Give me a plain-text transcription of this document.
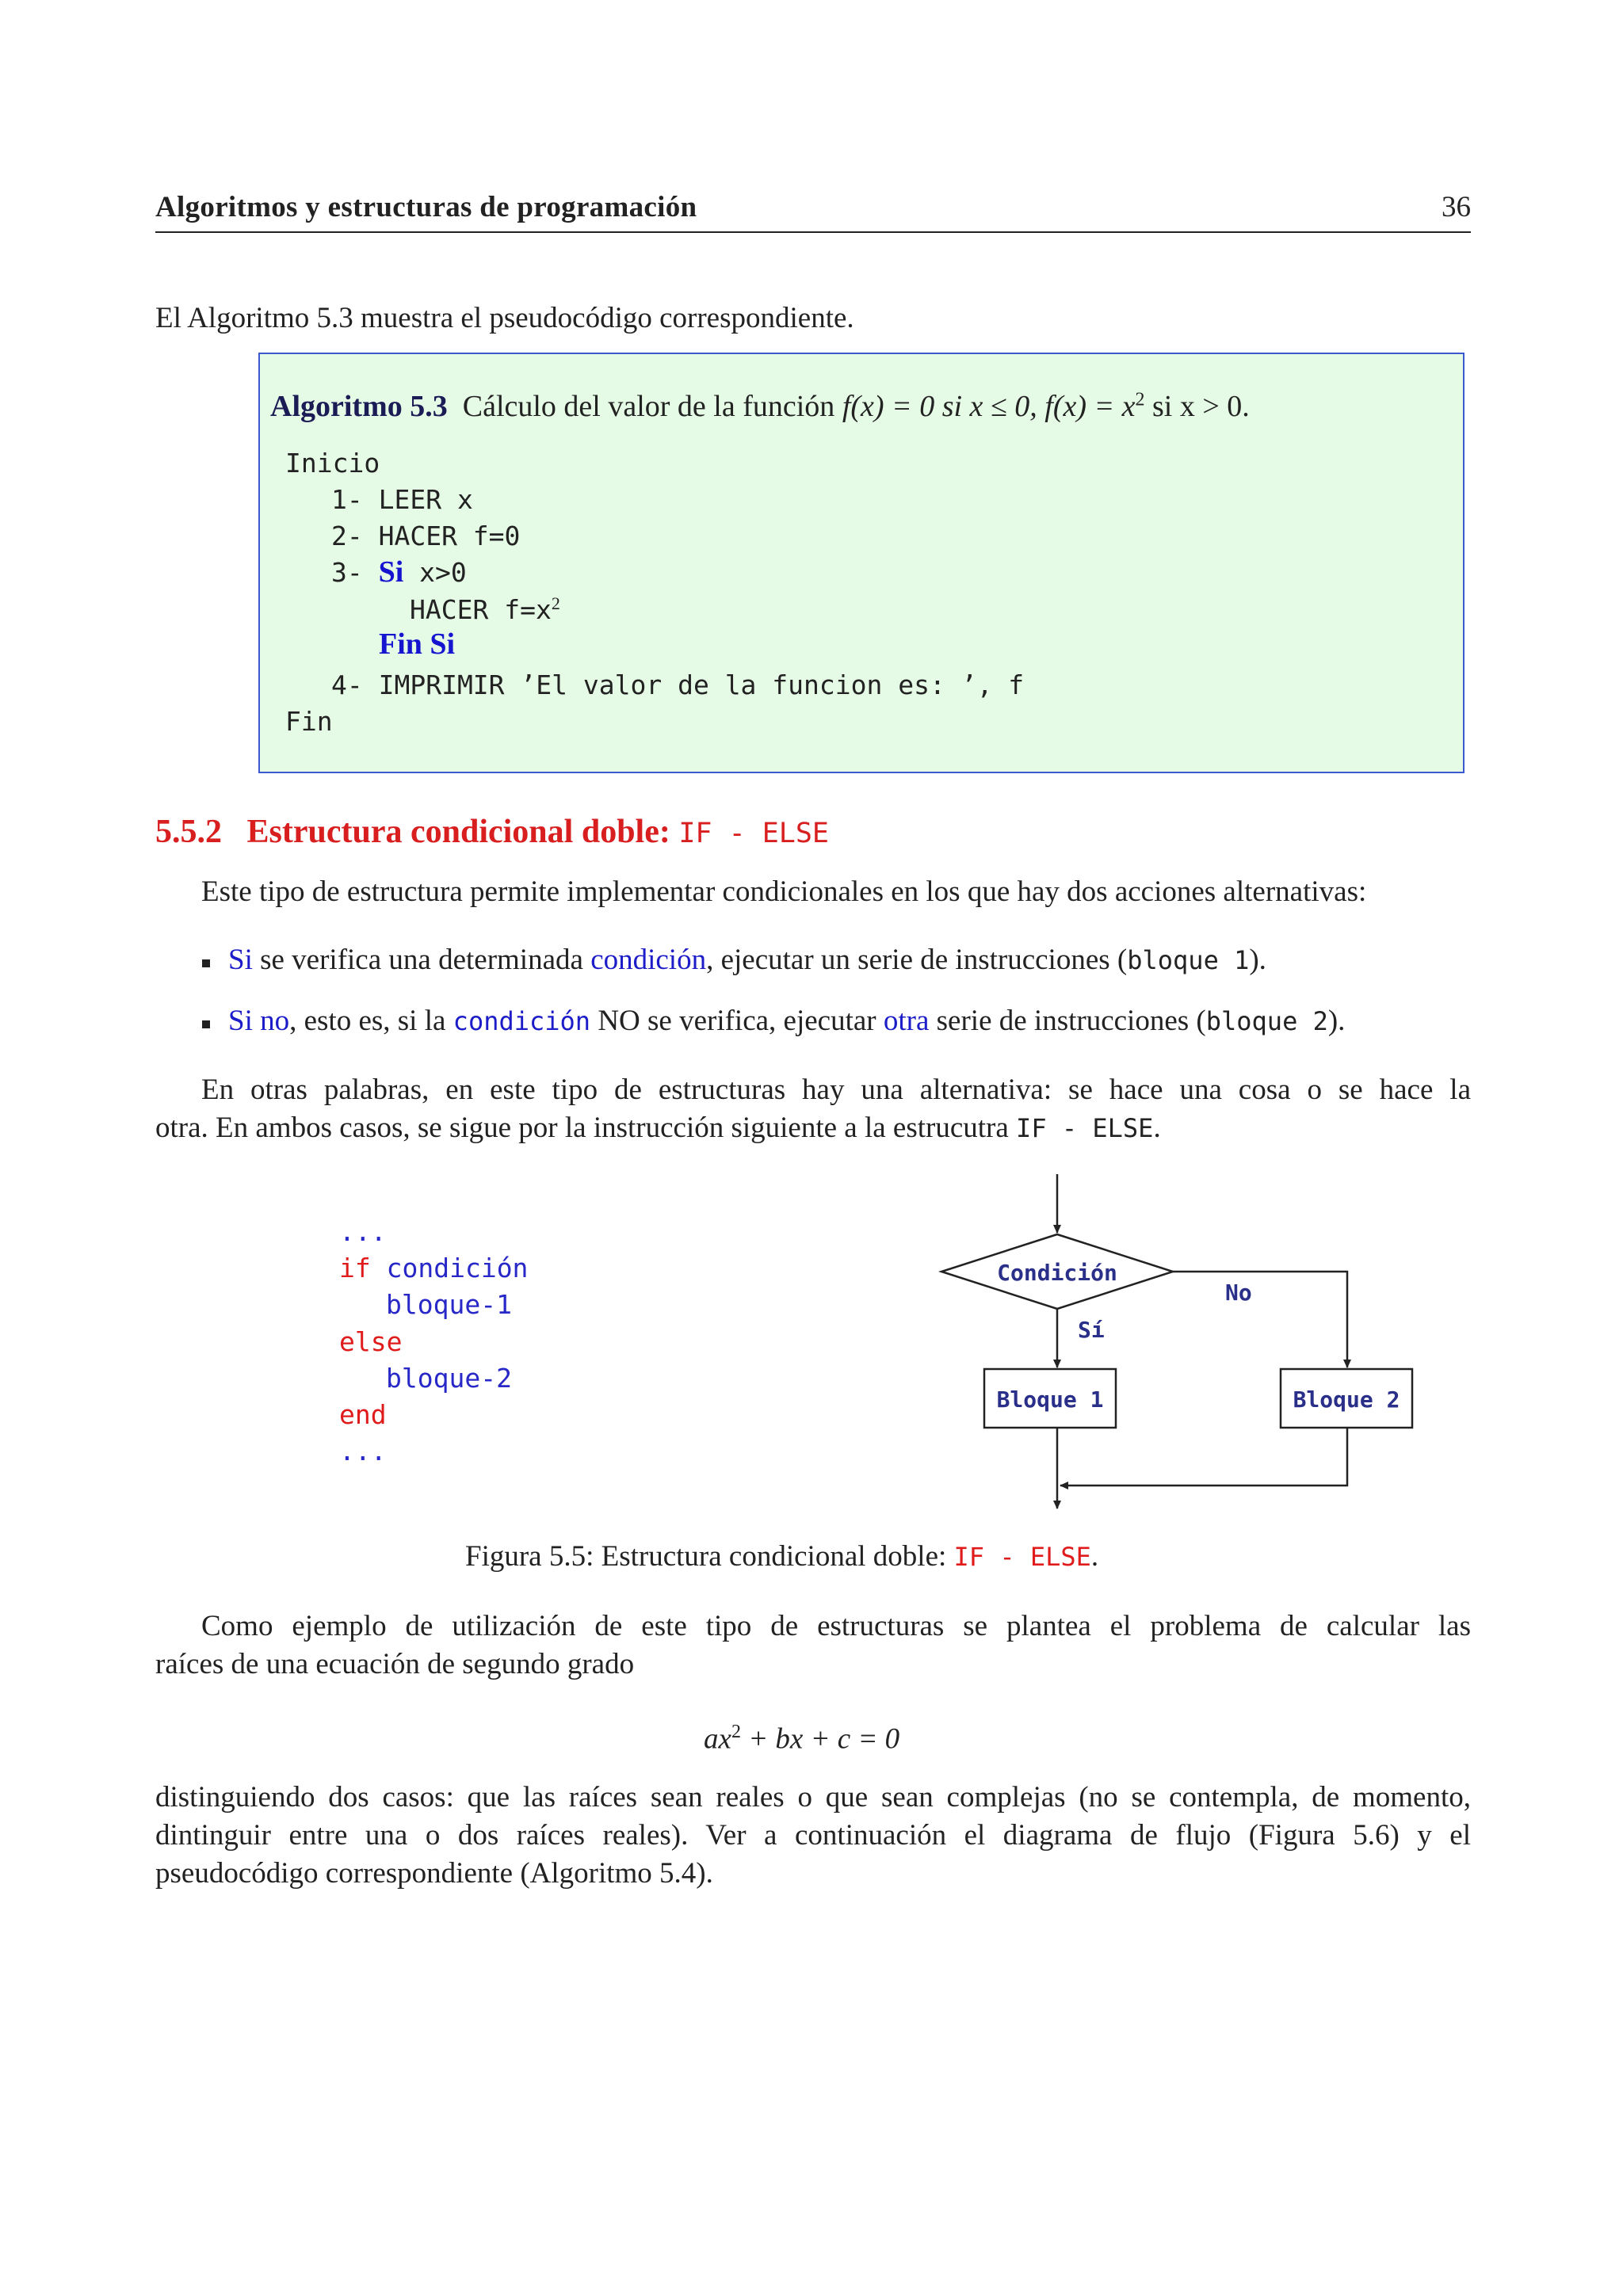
Algoritmos y estructuras de programación	36
El Algoritmo 5.3 muestra el pseudocódigo correspondiente.
Algoritmo 5.3 Cálculo del valor de la función f(x) = 0 si x ≤ 0, $f(x) = x^2$ si x > 0.
Inicio
1- LEER x
2- HACER f=0
3- Si x>0
HACER $f=x^2$
Fin Si
4- IMPRIMIR ’El valor de la funcion es: ’, f
Fin
5.5.2 Estructura condicional doble: IF - ELSE
Este tipo de estructura permite implementar condicionales en los que hay dos acciones alternativas:
Si se verifica una determinada condición, ejecutar un serie de instrucciones (bloque 1).
Si no, esto es, si la condición NO se verifica, ejecutar otra serie de instrucciones (bloque 2).
En otras palabras, en este tipo de estructuras hay una alternativa: se hace una cosa o se hace la
otra. En ambos casos, se sigue por la instrucción siguiente a la estrucutra IF - ELSE.
...
if condición
bloque-1
else
bloque-2
end
...
Condición
Sí
No
Bloque 1	Bloque 2
Figura 5.5: Estructura condicional doble: IF - ELSE.
Como ejemplo de utilización de este tipo de estructuras se plantea el problema de calcular las
raíces de una ecuación de segundo grado
$ax^2$ + bx + c = 0
distinguiendo dos casos: que las raíces sean reales o que sean complejas (no se contempla, de momento,
dintinguir entre una o dos raíces reales). Ver a continuación el diagrama de flujo (Figura 5.6) y el
pseudocódigo correspondiente (Algoritmo 5.4).
